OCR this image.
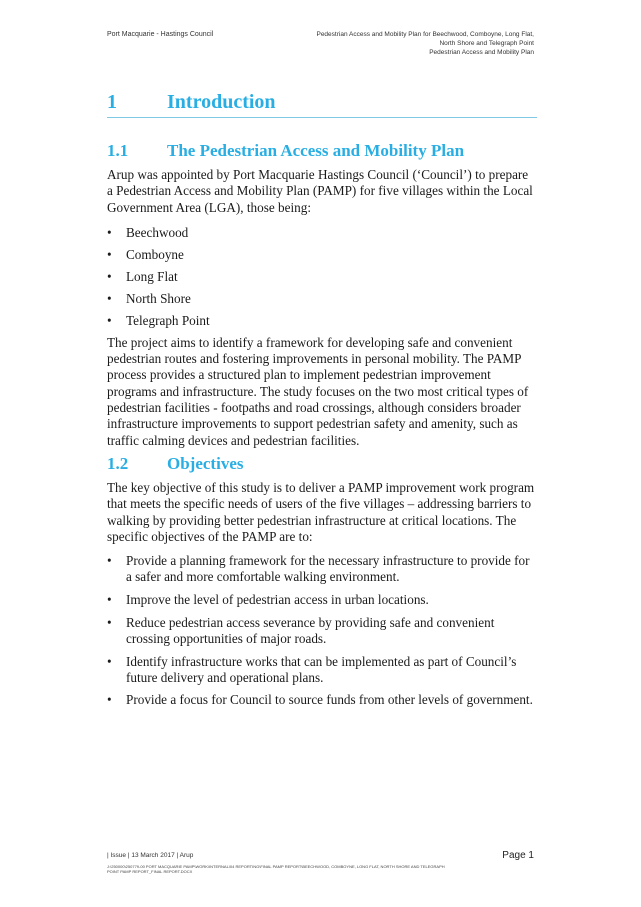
Port Macquarie - Hastings Council	Pedestrian Access and Mobility Plan for Beechwood, Comboyne, Long Flat,
North Shore and Telegraph Point
Pedestrian Access and Mobility Plan
1	Introduction
1.1 The Pedestrian Access and Mobility Plan

Arup was appointed by Port Macquarie Hastings Council (‘Council’) to prepare a Pedestrian Access and Mobility Plan (PAMP) for five villages within the Local Government Area (LGA), those being:

• Beechwood
• Comboyne
• Long Flat
• North Shore
• Telegraph Point

The project aims to identify a framework for developing safe and convenient pedestrian routes and fostering improvements in personal mobility. The PAMP process provides a structured plan to implement pedestrian improvement programs and infrastructure. The study focuses on the two most critical types of pedestrian facilities - footpaths and road crossings, although considers broader infrastructure improvements to support pedestrian safety and amenity, such as traffic calming devices and pedestrian facilities.

1.2 Objectives

The key objective of this study is to deliver a PAMP improvement work program that meets the specific needs of users of the five villages – addressing barriers to walking by providing better pedestrian infrastructure at critical locations. The specific objectives of the PAMP are to:

• Provide a planning framework for the necessary infrastructure to provide for a safer and more comfortable walking environment.
• Improve the level of pedestrian access in urban locations.
• Reduce pedestrian access severance by providing safe and convenient crossing opportunities of major roads.
• Identify infrastructure works that can be implemented as part of Council’s future delivery and operational plans.
• Provide a focus for Council to source funds from other levels of government.
| Issue | 13 March 2017 | Arup
J:\250000\250779-00 PORT MACQUARIE PAMP\WORK\INTERNAL\04 REPORTING\FINAL PAMP REPORT\BEECHWOOD, COMBOYNE, LONG FLAT, NORTH SHORE AND TELEGRAPH POINT PAMP REPORT_FINAL REPORT.DOCX
Page 1
